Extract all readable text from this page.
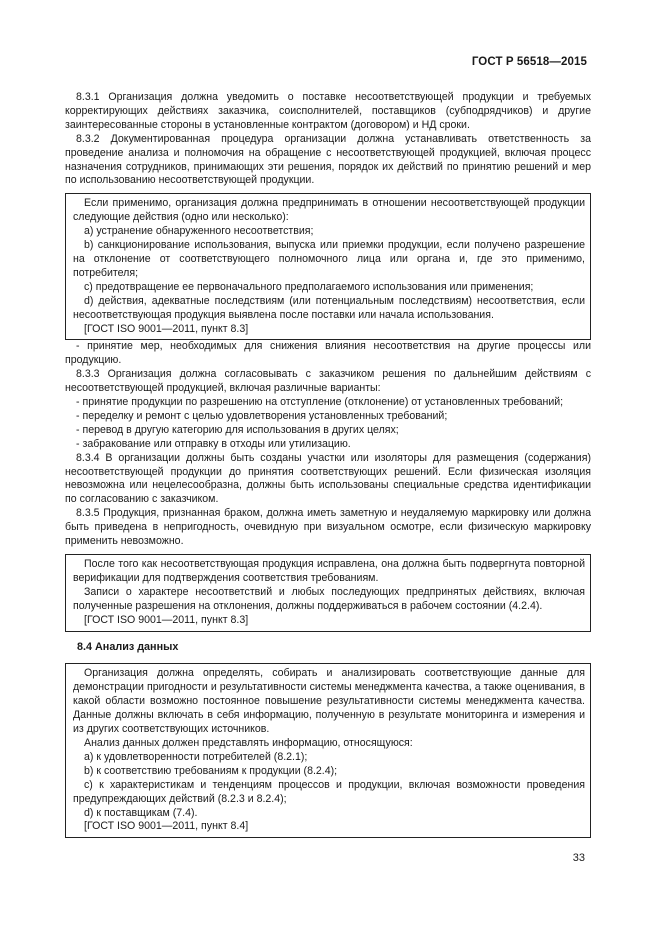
ГОСТ Р 56518—2015

8.3.1 Организация должна уведомить о поставке несоответствующей продукции и требуемых корректирующих действиях заказчика, соисполнителей, поставщиков (субподрядчиков) и другие заинтересованные стороны в установленные контрактом (договором) и НД сроки.

8.3.2 Документированная процедура организации должна устанавливать ответственность за проведение анализа и полномочия на обращение с несоответствующей продукцией, включая процесс назначения сотрудников, принимающих эти решения, порядок их действий по принятию решений и мер по использованию несоответствующей продукции.

Если применимо, организация должна предпринимать в отношении несоответствующей продукции следующие действия (одно или несколько):

a) устранение обнаруженного несоответствия;

b) санкционирование использования, выпуска или приемки продукции, если получено разрешение на отклонение от соответствующего полномочного лица или органа и, где это применимо, потребителя;

c) предотвращение ее первоначального предполагаемого использования или применения;

d) действия, адекватные последствиям (или потенциальным последствиям) несоответствия, если несоответствующая продукция выявлена после поставки или начала использования.

[ГОСТ ISO 9001—2011, пункт 8.3]

- принятие мер, необходимых для снижения влияния несоответствия на другие процессы или продукцию.

8.3.3 Организация должна согласовывать с заказчиком решения по дальнейшим действиям с несоответствующей продукцией, включая различные варианты:

- принятие продукции по разрешению на отступление (отклонение) от установленных требований;

- переделку и ремонт с целью удовлетворения установленных требований;

- перевод в другую категорию для использования в других целях;

- забракование или отправку в отходы или утилизацию.

8.3.4 В организации должны быть созданы участки или изоляторы для размещения (содержания) несоответствующей продукции до принятия соответствующих решений. Если физическая изоляция невозможна или нецелесообразна, должны быть использованы специальные средства идентификации по согласованию с заказчиком.

8.3.5 Продукция, признанная браком, должна иметь заметную и неудаляемую маркировку или должна быть приведена в непригодность, очевидную при визуальном осмотре, если физическую маркировку применить невозможно.

После того как несоответствующая продукция исправлена, она должна быть подвергнута повторной верификации для подтверждения соответствия требованиям.

Записи о характере несоответствий и любых последующих предпринятых действиях, включая полученные разрешения на отклонения, должны поддерживаться в рабочем состоянии (4.2.4).

[ГОСТ ISO 9001—2011, пункт 8.3]

8.4 Анализ данных

Организация должна определять, собирать и анализировать соответствующие данные для демонстрации пригодности и результативности системы менеджмента качества, а также оценивания, в какой области возможно постоянное повышение результативности системы менеджмента качества. Данные должны включать в себя информацию, полученную в результате мониторинга и измерения и из других соответствующих источников.

Анализ данных должен представлять информацию, относящуюся:

a) к удовлетворенности потребителей (8.2.1);

b) к соответствию требованиям к продукции (8.2.4);

c) к характеристикам и тенденциям процессов и продукции, включая возможности проведения предупреждающих действий (8.2.3 и 8.2.4);

d) к поставщикам (7.4).

[ГОСТ ISO 9001—2011, пункт 8.4]

33
